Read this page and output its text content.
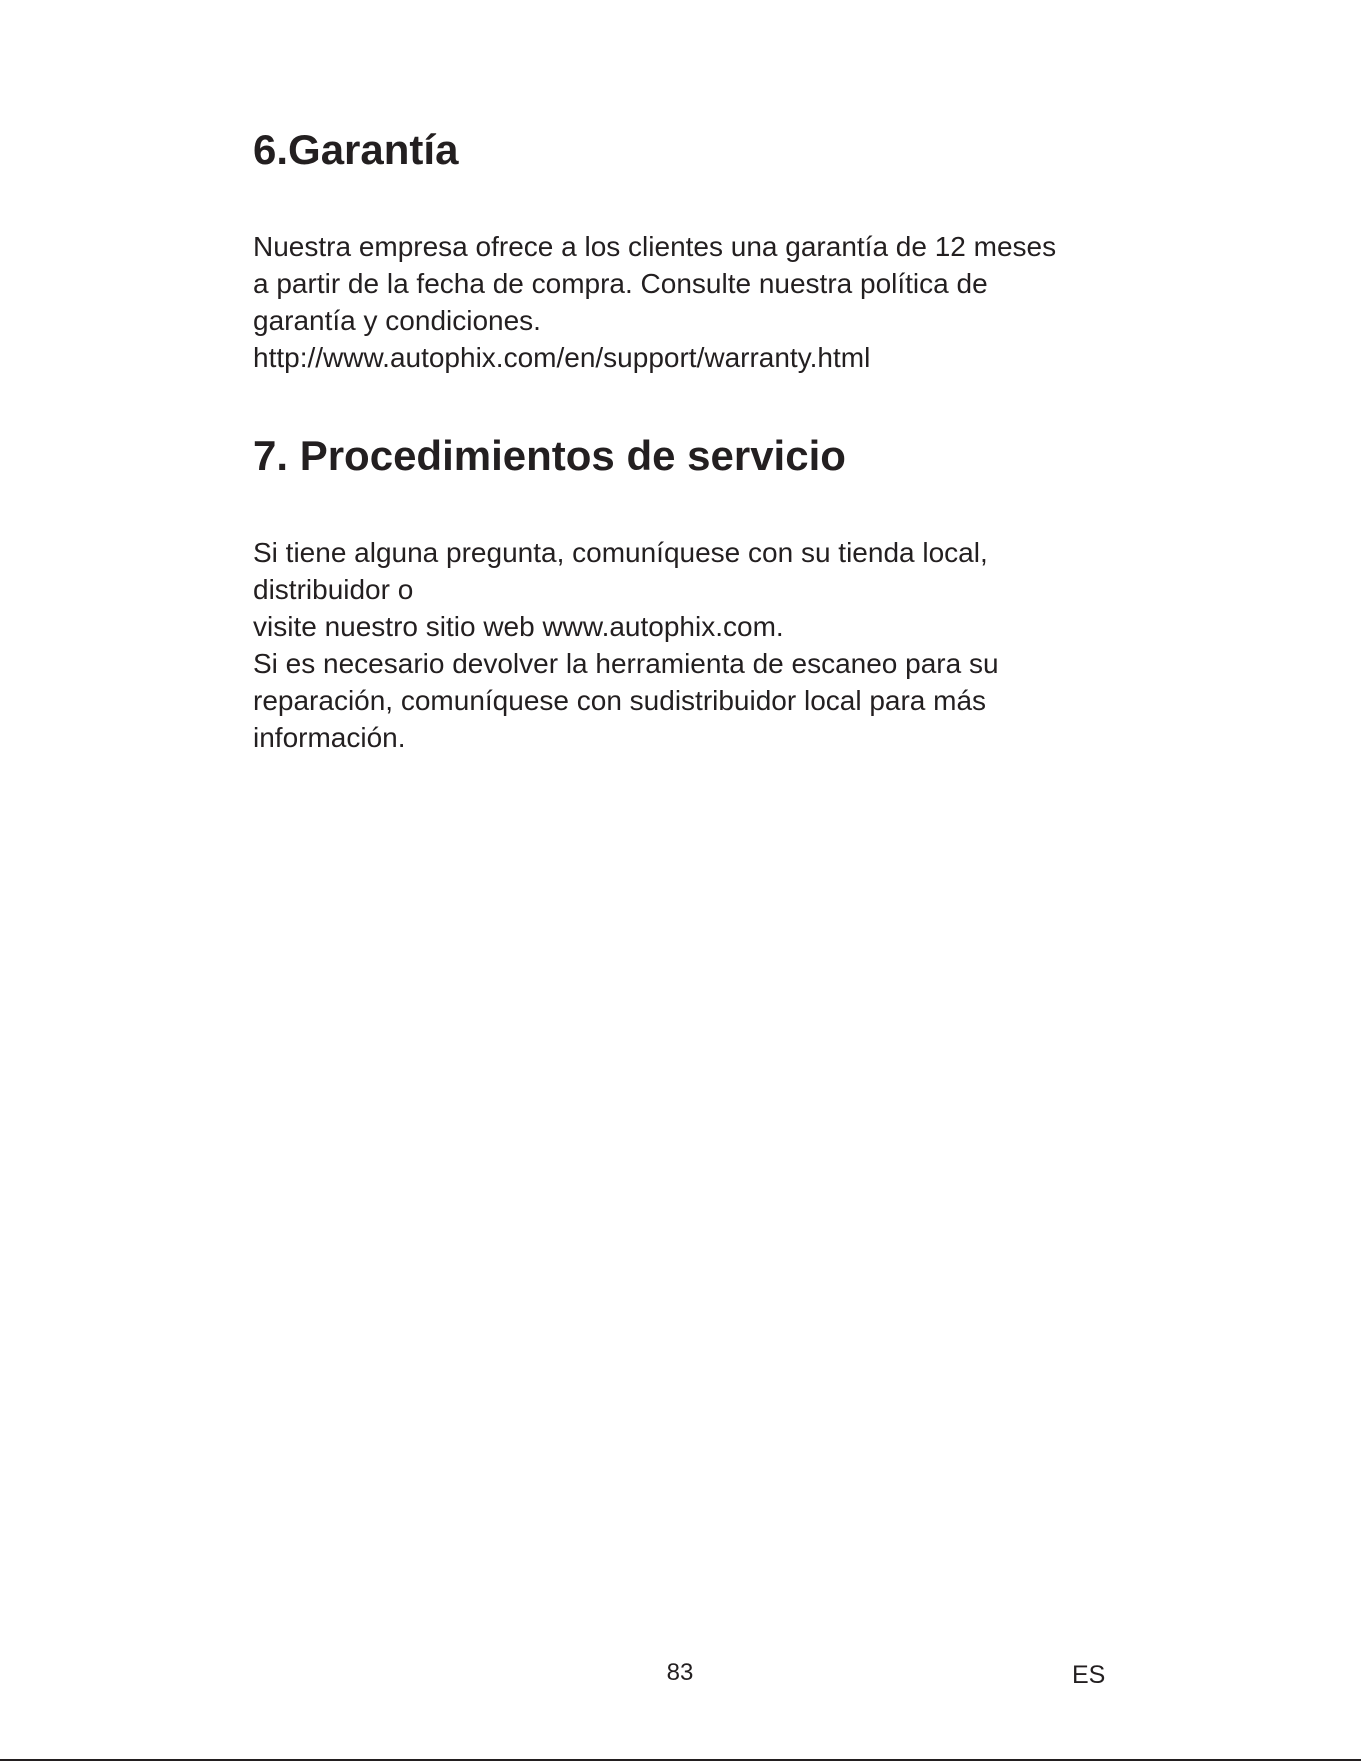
6.Garantía
Nuestra empresa ofrece a los clientes una garantía de 12 meses
a partir de la fecha de compra. Consulte nuestra política de
garantía y condiciones.
http://www.autophix.com/en/support/warranty.html
7. Procedimientos de servicio
Si tiene alguna pregunta, comuníquese con su tienda local,
distribuidor o
visite nuestro sitio web www.autophix.com.
Si es necesario devolver la herramienta de escaneo para su
reparación, comuníquese con sudistribuidor local para más
información.
83	ES
